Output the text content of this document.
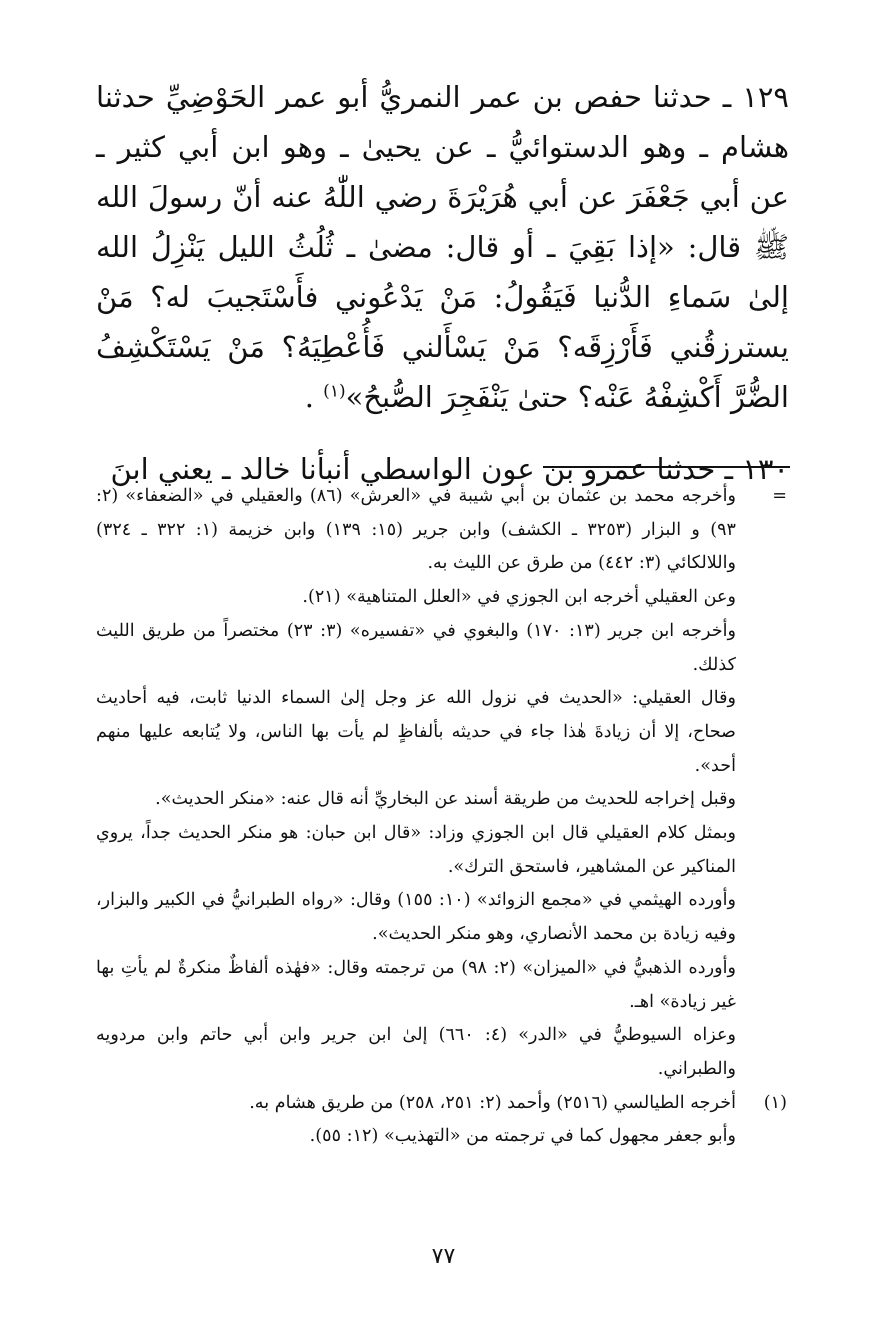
١٢٩ ـ حدثنا حفص بن عمر النمريُّ أبو عمر الحَوْضِيِّ حدثنا هشام ـ وهو الدستوائيُّ ـ عن يحيىٰ ـ وهو ابن أبي كثير ـ عن أبي جَعْفَرَ عن أبي هُرَيْرَةَ رضي اللّٰهُ عنه أنّ رسولَ الله ﷺ قال: «إذا بَقِيَ ـ أو قال: مضىٰ ـ ثُلُثُ الليل يَنْزِلُ الله إلىٰ سَماءِ الدُّنيا فَيَقُولُ: مَنْ يَدْعُوني فأَسْتَجيبَ له؟ مَنْ يسترزقُني فَأَرْزِقَه؟ مَنْ يَسْأَلني فَأُعْطِيَهُ؟ مَنْ يَسْتَكْشِفُ الضُّرَّ أَكْشِفْهُ عَنْه؟ حتىٰ يَنْفَجِرَ الصُّبحُ»$^{(١)}$ .

١٣٠ ـ حدثنا عمرو بن عون الواسطي أنبأنا خالد ـ يعني ابنَ

=

وأخرجه محمد بن عثمان بن أبي شيبة في «العرش» (٨٦) والعقيلي في «الضعفاء» (٢: ٩٣) و البزار (٣٢٥٣ ـ الكشف) وابن جرير (١٥: ١٣٩) وابن خزيمة (١: ٣٢٢ ـ ٣٢٤) واللالكائي (٣: ٤٤٢) من طرق عن الليث به.

وعن العقيلي أخرجه ابن الجوزي في «العلل المتناهية» (٢١).

وأخرجه ابن جرير (١٣: ١٧٠) والبغوي في «تفسيره» (٣: ٢٣) مختصراً من طريق الليث كذلك.

وقال العقيلي: «الحديث في نزول الله عز وجل إلىٰ السماء الدنيا ثابت، فيه أحاديث صحاح، إلا أن زيادةَ هٰذا جاء في حديثه بألفاظٍ لم يأت بها الناس، ولا يُتابعه عليها منهم أحد».

وقبل إخراجه للحديث من طريقة أسند عن البخاريِّ أنه قال عنه: «منكر الحديث».

وبمثل كلام العقيلي قال ابن الجوزي وزاد: «قال ابن حبان: هو منكر الحديث جداً، يروي المناكير عن المشاهير، فاستحق الترك».

وأورده الهيثمي في «مجمع الزوائد» (١٠: ١٥٥) وقال: «رواه الطبرانيُّ في الكبير والبزار، وفيه زيادة بن محمد الأنصاري، وهو منكر الحديث».

وأورده الذهبيُّ في «الميزان» (٢: ٩٨) من ترجمته وقال: «فهٰذه ألفاظٌ منكرةٌ لم يأتِ بها غير زيادة» اهـ.

وعزاه السيوطيُّ في «الدر» (٤: ٦٦٠) إلىٰ ابن جرير وابن أبي حاتم وابن مردويه والطبراني.

(١)

أخرجه الطيالسي (٢٥١٦) وأحمد (٢: ٢٥١، ٢٥٨) من طريق هشام به.

وأبو جعفر مجهول كما في ترجمته من «التهذيب» (١٢: ٥٥).

٧٧
